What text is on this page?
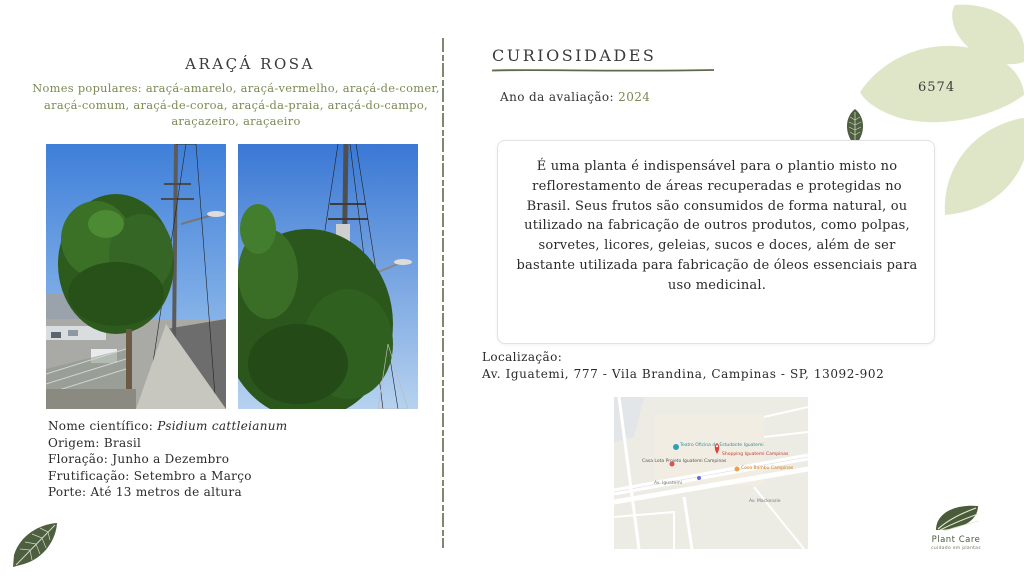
ARAÇÁ ROSA
Nomes populares: araçá-amarelo, araçá-vermelho, araçá-de-comer, araçá-comum, araçá-de-coroa, araçá-da-praia, araçá-do-campo, araçazeiro, araçaeiro
Nome científico: Psidium cattleianum
Origem: Brasil
Floração: Junho a Dezembro
Frutificação: Setembro a Março
Porte: Até 13 metros de altura
CURIOSIDADES
Ano da avaliação: 2024
6574

É uma planta é indispensável para o plantio misto no reflorestamento de áreas recuperadas e protegidas no Brasil. Seus frutos são consumidos de forma natural, ou utilizado na fabricação de outros produtos, como polpas, sorvetes, licores, geleias, sucos e doces, além de ser bastante utilizada para fabricação de óleos essenciais para uso medicinal.

Localização:
Av. Iguatemi, 777 - Vila Brandina, Campinas - SP, 13092-902
Teatro Oficina do Estudante Iguatemi
Shopping Iguatemi Campinas
Casa Lota Projeto Iguatemi Campinas
Coco Bambu Campinas
Av. Iguatemi
Av. Mackenzie
Plant Care
cuidado em plantas
